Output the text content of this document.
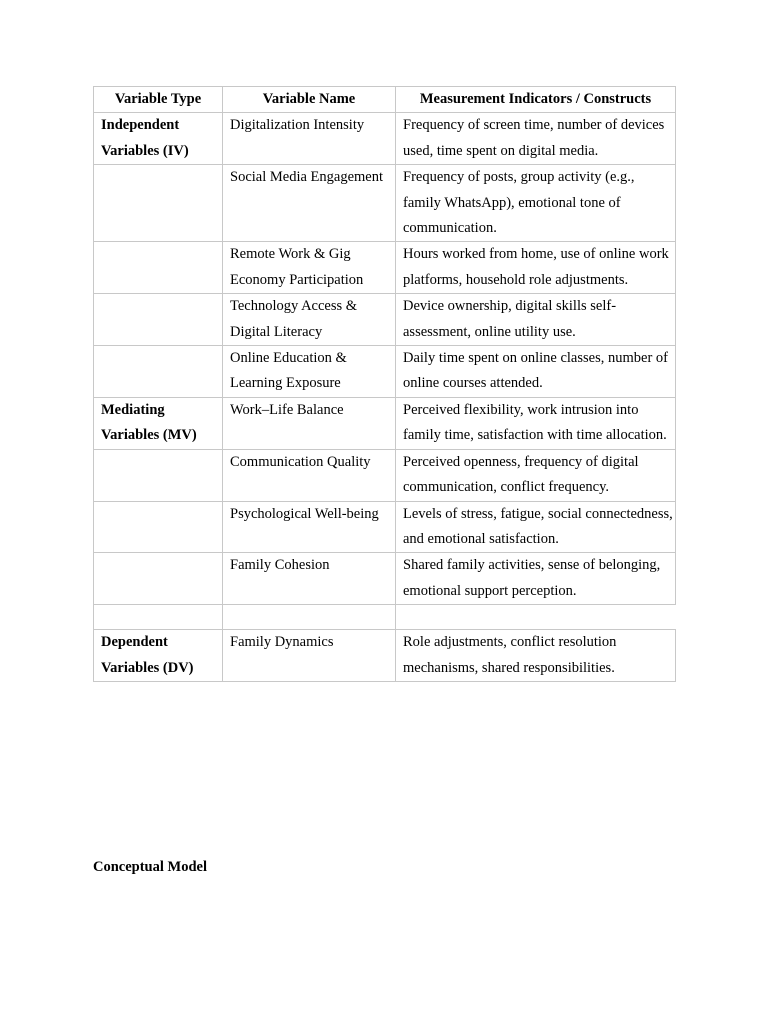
Variable Type	Variable Name	Measurement Indicators / Constructs
Independent Variables (IV)	Digitalization Intensity	Frequency of screen time, number of devices used, time spent on digital media.
	Social Media Engagement	Frequency of posts, group activity (e.g., family WhatsApp), emotional tone of communication.
	Remote Work & Gig Economy Participation	Hours worked from home, use of online work platforms, household role adjustments.
	Technology Access & Digital Literacy	Device ownership, digital skills self-assessment, online utility use.
	Online Education & Learning Exposure	Daily time spent on online classes, number of online courses attended.
Mediating Variables (MV)	Work–Life Balance	Perceived flexibility, work intrusion into family time, satisfaction with time allocation.
	Communication Quality	Perceived openness, frequency of digital communication, conflict frequency.
	Psychological Well-being	Levels of stress, fatigue, social connectedness, and emotional satisfaction.
	Family Cohesion	Shared family activities, sense of belonging, emotional support perception.

Dependent Variables (DV)	Family Dynamics	Role adjustments, conflict resolution mechanisms, shared responsibilities.
Conceptual Model
